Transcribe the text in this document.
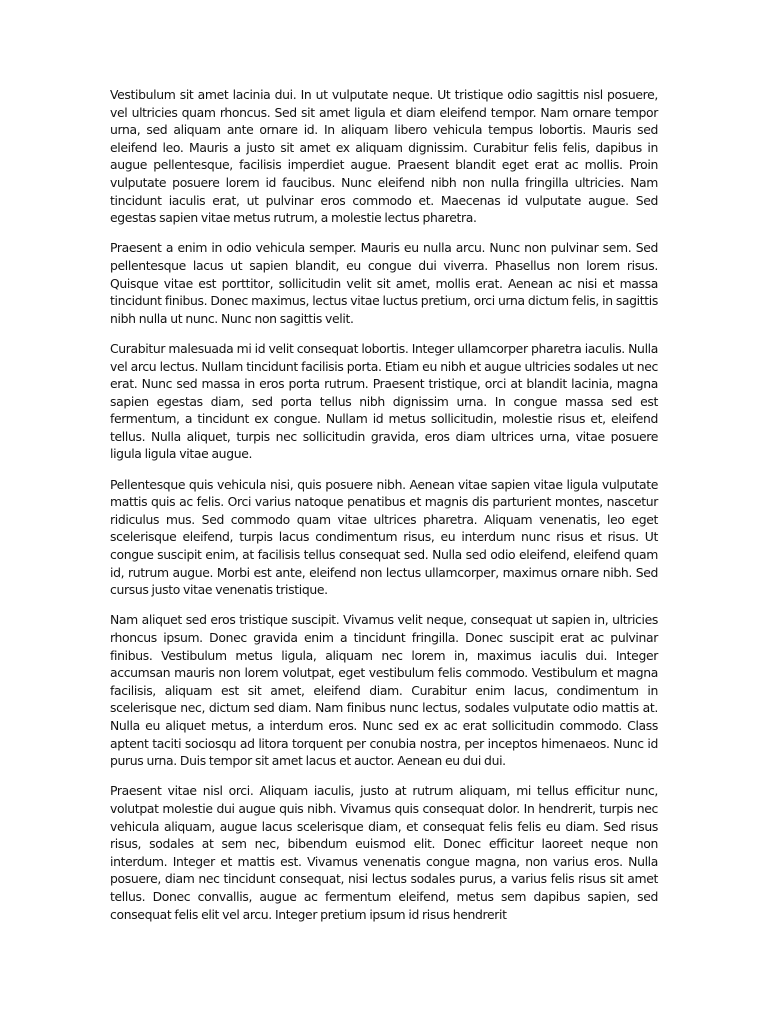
Vestibulum sit amet lacinia dui. In ut vulputate neque. Ut tristique odio sagittis nisl posuere, vel ultricies quam rhoncus. Sed sit amet ligula et diam eleifend tempor. Nam ornare tempor urna, sed aliquam ante ornare id. In aliquam libero vehicula tempus lobortis. Mauris sed eleifend leo. Mauris a justo sit amet ex aliquam dignissim. Curabitur felis felis, dapibus in augue pellentesque, facilisis imperdiet augue. Praesent blandit eget erat ac mollis. Proin vulputate posuere lorem id faucibus. Nunc eleifend nibh non nulla fringilla ultricies. Nam tincidunt iaculis erat, ut pulvinar eros commodo et. Maecenas id vulputate augue. Sed egestas sapien vitae metus rutrum, a molestie lectus pharetra.

Praesent a enim in odio vehicula semper. Mauris eu nulla arcu. Nunc non pulvinar sem. Sed pellentesque lacus ut sapien blandit, eu congue dui viverra. Phasellus non lorem risus. Quisque vitae est porttitor, sollicitudin velit sit amet, mollis erat. Aenean ac nisi et massa tincidunt finibus. Donec maximus, lectus vitae luctus pretium, orci urna dictum felis, in sagittis nibh nulla ut nunc. Nunc non sagittis velit.

Curabitur malesuada mi id velit consequat lobortis. Integer ullamcorper pharetra iaculis. Nulla vel arcu lectus. Nullam tincidunt facilisis porta. Etiam eu nibh et augue ultricies sodales ut nec erat. Nunc sed massa in eros porta rutrum. Praesent tristique, orci at blandit lacinia, magna sapien egestas diam, sed porta tellus nibh dignissim urna. In congue massa sed est fermentum, a tincidunt ex congue. Nullam id metus sollicitudin, molestie risus et, eleifend tellus. Nulla aliquet, turpis nec sollicitudin gravida, eros diam ultrices urna, vitae posuere ligula ligula vitae augue.

Pellentesque quis vehicula nisi, quis posuere nibh. Aenean vitae sapien vitae ligula vulputate mattis quis ac felis. Orci varius natoque penatibus et magnis dis parturient montes, nascetur ridiculus mus. Sed commodo quam vitae ultrices pharetra. Aliquam venenatis, leo eget scelerisque eleifend, turpis lacus condimentum risus, eu interdum nunc risus et risus. Ut congue suscipit enim, at facilisis tellus consequat sed. Nulla sed odio eleifend, eleifend quam id, rutrum augue. Morbi est ante, eleifend non lectus ullamcorper, maximus ornare nibh. Sed cursus justo vitae venenatis tristique.

Nam aliquet sed eros tristique suscipit. Vivamus velit neque, consequat ut sapien in, ultricies rhoncus ipsum. Donec gravida enim a tincidunt fringilla. Donec suscipit erat ac pulvinar finibus. Vestibulum metus ligula, aliquam nec lorem in, maximus iaculis dui. Integer accumsan mauris non lorem volutpat, eget vestibulum felis commodo. Vestibulum et magna facilisis, aliquam est sit amet, eleifend diam. Curabitur enim lacus, condimentum in scelerisque nec, dictum sed diam. Nam finibus nunc lectus, sodales vulputate odio mattis at. Nulla eu aliquet metus, a interdum eros. Nunc sed ex ac erat sollicitudin commodo. Class aptent taciti sociosqu ad litora torquent per conubia nostra, per inceptos himenaeos. Nunc id purus urna. Duis tempor sit amet lacus et auctor. Aenean eu dui dui.

Praesent vitae nisl orci. Aliquam iaculis, justo at rutrum aliquam, mi tellus efficitur nunc, volutpat molestie dui augue quis nibh. Vivamus quis consequat dolor. In hendrerit, turpis nec vehicula aliquam, augue lacus scelerisque diam, et consequat felis felis eu diam. Sed risus risus, sodales at sem nec, bibendum euismod elit. Donec efficitur laoreet neque non interdum. Integer et mattis est. Vivamus venenatis congue magna, non varius eros. Nulla posuere, diam nec tincidunt consequat, nisi lectus sodales purus, a varius felis risus sit amet tellus. Donec convallis, augue ac fermentum eleifend, metus sem dapibus sapien, sed consequat felis elit vel arcu. Integer pretium ipsum id risus hendrerit
